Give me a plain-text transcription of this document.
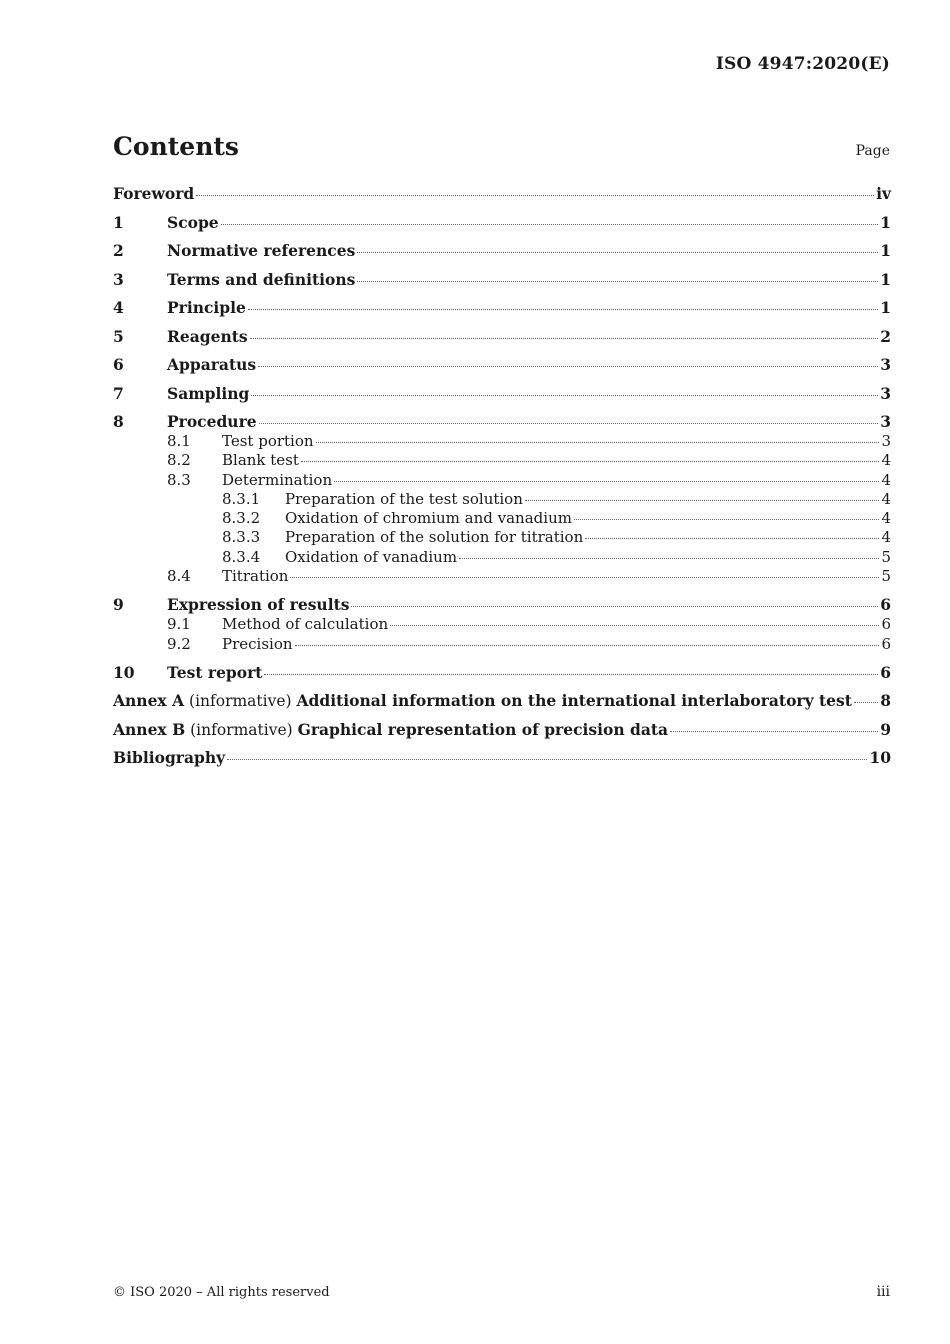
ISO 4947:2020(E)
Contents	Page
Foreword	iv
1	Scope	1
2	Normative references	1
3	Terms and definitions	1
4	Principle	1
5	Reagents	2
6	Apparatus	3
7	Sampling	3
8	Procedure	3
8.1	Test portion	3
8.2	Blank test	4
8.3	Determination	4
8.3.1	Preparation of the test solution	4
8.3.2	Oxidation of chromium and vanadium	4
8.3.3	Preparation of the solution for titration	4
8.3.4	Oxidation of vanadium	5
8.4	Titration	5
9	Expression of results	6
9.1	Method of calculation	6
9.2	Precision	6
10	Test report	6
Annex A (informative) Additional information on the international interlaboratory test 8
Annex B (informative) Graphical representation of precision data	9
Bibliography	10
© ISO 2020 – All rights reserved	iii
